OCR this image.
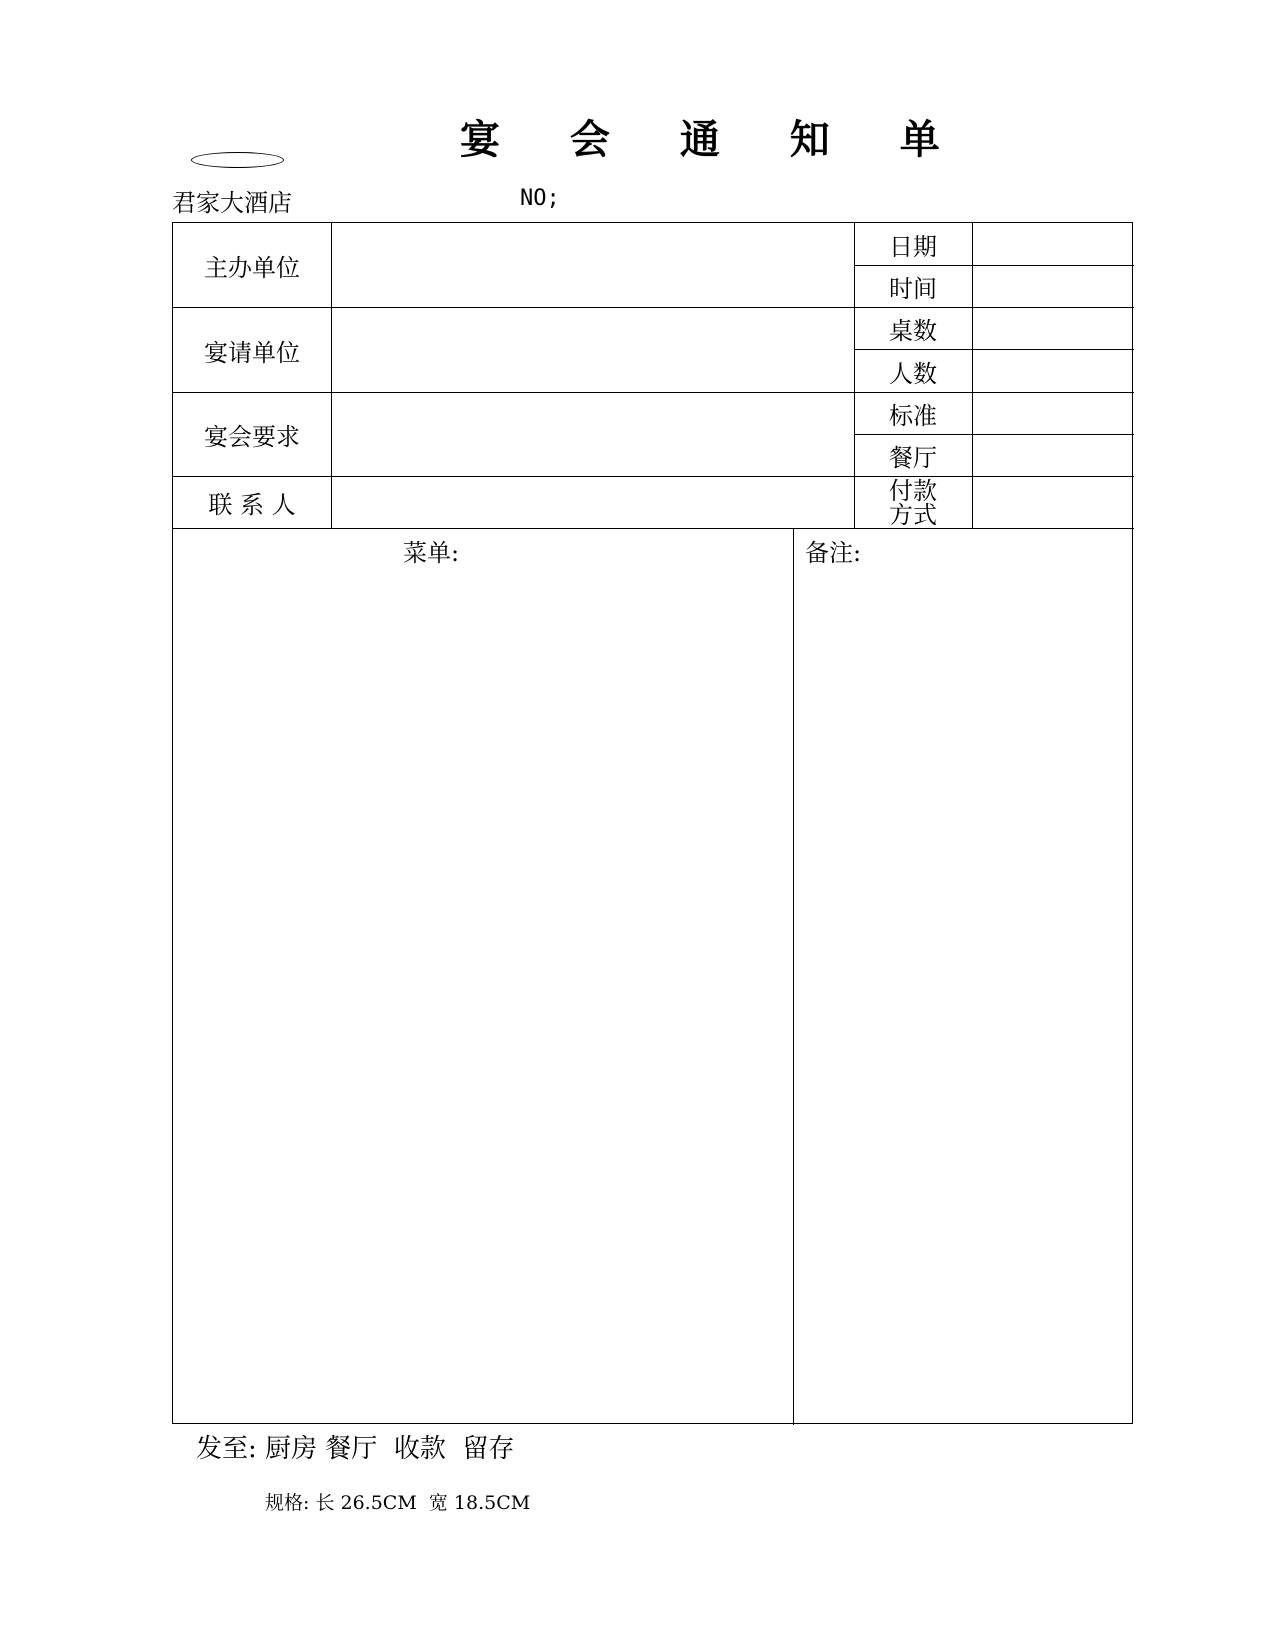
宴 会 通 知 单
君家大酒店	NO;
主办单位
宴请单位
宴会要求
联 系 人
日期
时间
桌数
人数
标准
餐厅
付款
方式
菜单:	备注:
发至: 厨房 餐厅  收款  留存
规格: 长 26.5CM  宽 18.5CM
